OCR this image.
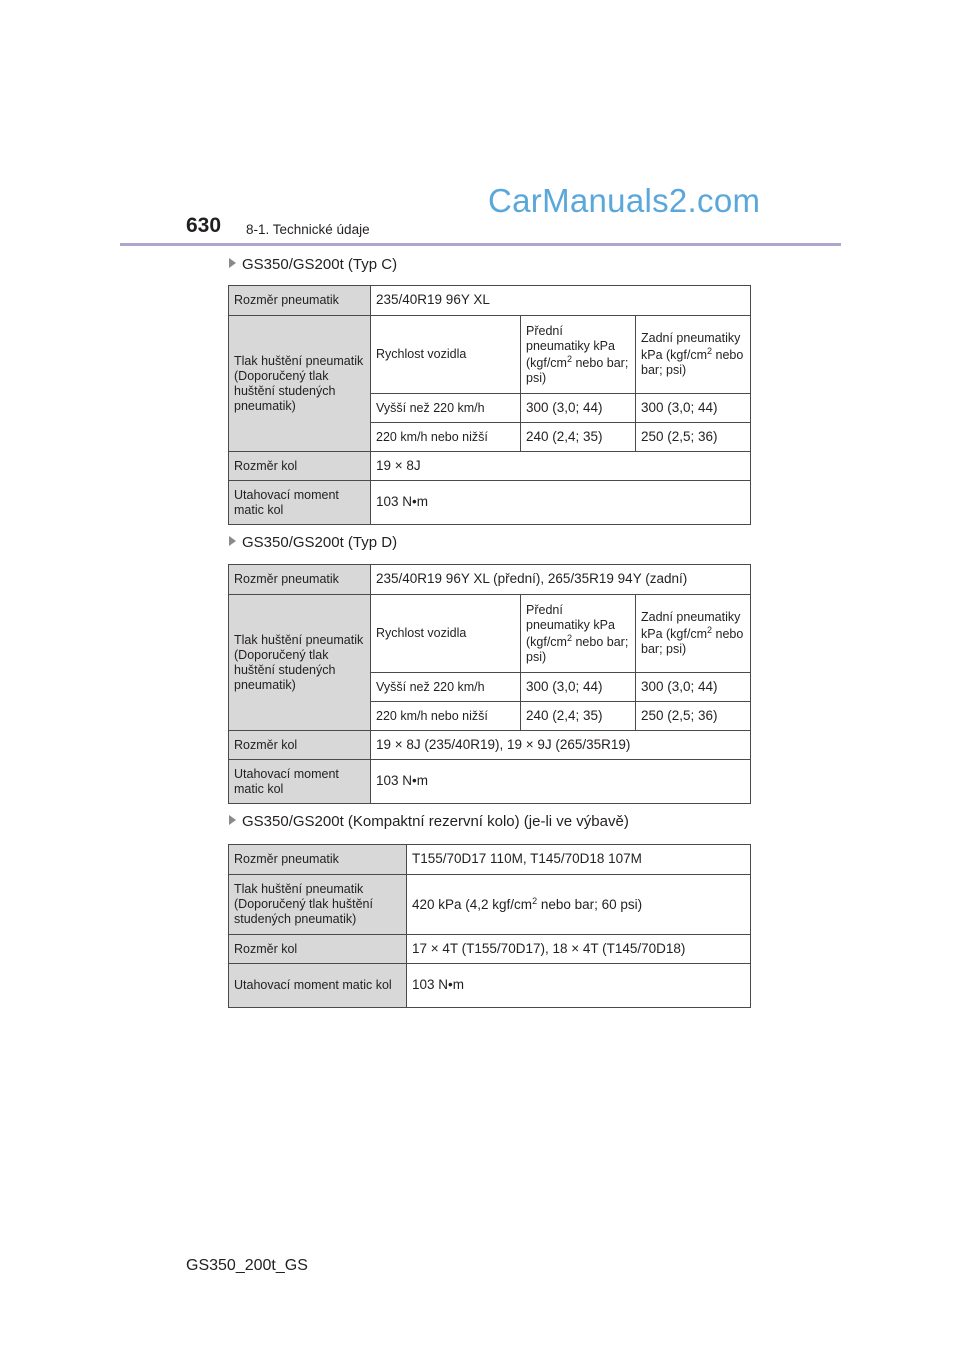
630 8-1. Technické údaje
CarManuals2.com
GS350/GS200t (Typ C)
Rozměr pneumatik	235/40R19 96Y XL		
Tlak huštění pneumatik (Doporučený tlak huštění studených pneumatik)	Rychlost vozidla	Přední pneumatiky kPa ($kgf/cm^2$ nebo bar; psi)	Zadní pneumatiky kPa ($kgf/cm^2$ nebo bar; psi)
	Vyšší než 220 km/h	300 (3,0; 44)	300 (3,0; 44)
	220 km/h nebo nižší	240 (2,4; 35)	250 (2,5; 36)
Rozměr kol	19 × 8J		
Utahovací moment matic kol	103 N•m		
GS350/GS200t (Typ D)
Rozměr pneumatik	235/40R19 96Y XL (přední), 265/35R19 94Y (zadní)		
Tlak huštění pneumatik (Doporučený tlak huštění studených pneumatik)	Rychlost vozidla	Přední pneumatiky kPa ($kgf/cm^2$ nebo bar; psi)	Zadní pneumatiky kPa ($kgf/cm^2$ nebo bar; psi)
	Vyšší než 220 km/h	300 (3,0; 44)	300 (3,0; 44)
	220 km/h nebo nižší	240 (2,4; 35)	250 (2,5; 36)
Rozměr kol	19 × 8J (235/40R19), 19 × 9J (265/35R19)		
Utahovací moment matic kol	103 N•m		
GS350/GS200t (Kompaktní rezervní kolo) (je-li ve výbavě)
Rozměr pneumatik	T155/70D17 110M, T145/70D18 107M
Tlak huštění pneumatik (Doporučený tlak huštění studených pneumatik)	420 kPa (4,2 kgf/$cm^2$ nebo bar; 60 psi)
Rozměr kol	17 × 4T (T155/70D17), 18 × 4T (T145/70D18)
Utahovací moment matic kol	103 N•m
GS350_200t_GS
